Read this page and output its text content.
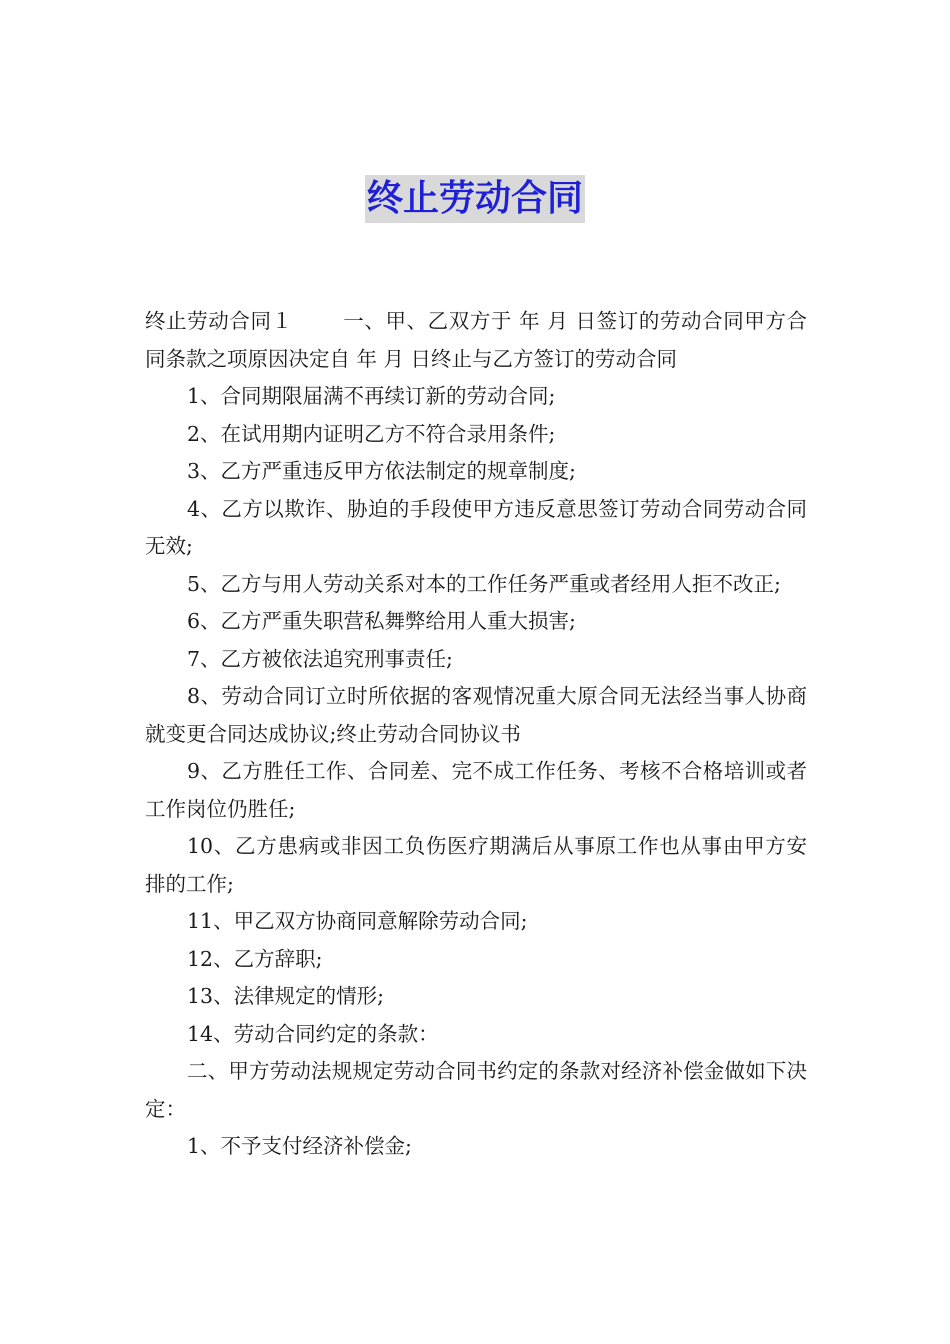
终止劳动合同

终止劳动合同１ 一、甲、乙双方于 年 月 日签订的劳动合同甲方合同条款之项原因决定自 年 月 日终止与乙方签订的劳动合同

1、合同期限届满不再续订新的劳动合同;

2、在试用期内证明乙方不符合录用条件;

3、乙方严重违反甲方依法制定的规章制度;

4、乙方以欺诈、胁迫的手段使甲方违反意思签订劳动合同劳动合同无效;

5、乙方与用人劳动关系对本的工作任务严重或者经用人拒不改正;

6、乙方严重失职营私舞弊给用人重大损害;

7、乙方被依法追究刑事责任;

8、劳动合同订立时所依据的客观情况重大原合同无法经当事人协商就变更合同达成协议;终止劳动合同协议书

9、乙方胜任工作、合同差、完不成工作任务、考核不合格培训或者工作岗位仍胜任;

10、乙方患病或非因工负伤医疗期满后从事原工作也从事由甲方安排的工作;

11、甲乙双方协商同意解除劳动合同;

12、乙方辞职;

13、法律规定的情形;

14、劳动合同约定的条款：

二、甲方劳动法规规定劳动合同书约定的条款对经济补偿金做如下决定：

1、不予支付经济补偿金;
